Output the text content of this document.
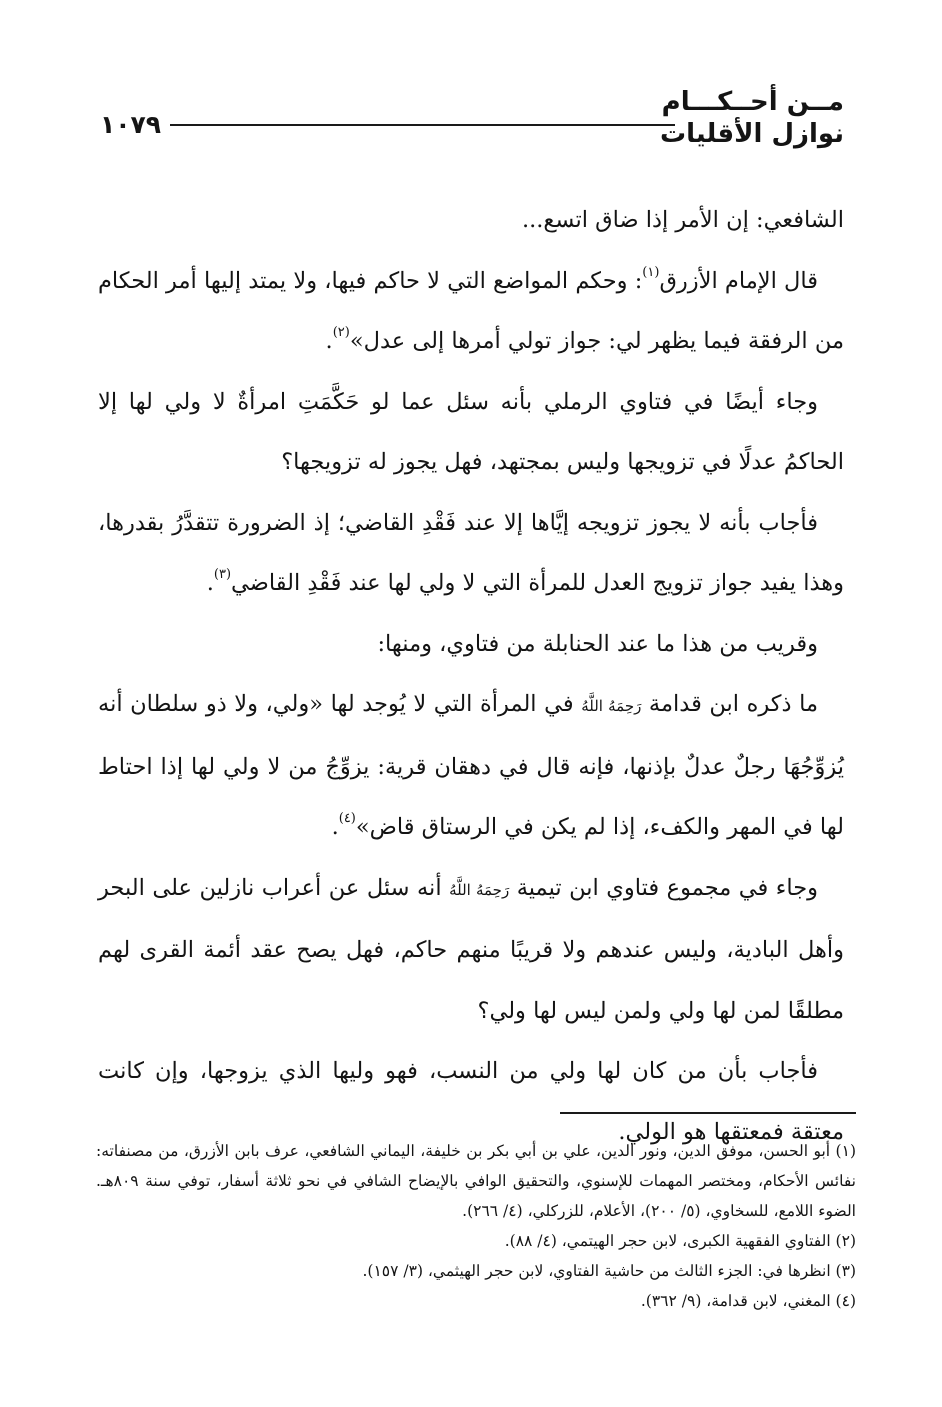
مــن أحــكـــام
نوازل الأقليات
١٠٧٩

الشافعي: إن الأمر إذا ضاق اتسع...

قال الإمام الأزرق$^{(١)}$: وحكم المواضع التي لا حاكم فيها، ولا يمتد إليها أمر الحكام من الرفقة فيما يظهر لي: جواز تولي أمرها إلى عدل»$^{(٢)}$.

وجاء أيضًا في فتاوي الرملي بأنه سئل عما لو حَكَّمَتِ امرأةٌ لا ولي لها إلا الحاكمُ عدلًا في تزويجها وليس بمجتهد، فهل يجوز له تزويجها؟

فأجاب بأنه لا يجوز تزويجه إيَّاها إلا عند فَقْدِ القاضي؛ إذ الضرورة تتقدَّرُ بقدرها، وهذا يفيد جواز تزويج العدل للمرأة التي لا ولي لها عند فَقْدِ القاضي$^{(٣)}$.

وقريب من هذا ما عند الحنابلة من فتاوي، ومنها:

ما ذكره ابن قدامة رَحِمَهُ اللَّهُ في المرأة التي لا يُوجد لها «ولي، ولا ذو سلطان أنه يُزوِّجُهَا رجلٌ عدلٌ بإذنها، فإنه قال في دهقان قرية: يزوِّجُ من لا ولي لها إذا احتاط لها في المهر والكفء، إذا لم يكن في الرستاق قاض»$^{(٤)}$.

وجاء في مجموع فتاوي ابن تيمية رَحِمَهُ اللَّهُ أنه سئل عن أعراب نازلين على البحر وأهل البادية، وليس عندهم ولا قريبًا منهم حاكم، فهل يصح عقد أئمة القرى لهم مطلقًا لمن لها ولي ولمن ليس لها ولي؟

فأجاب بأن من كان لها ولي من النسب، فهو وليها الذي يزوجها، وإن كانت معتقة فمعتقها هو الولي.

(١) أبو الحسن، موفق الدين، ونور الدين، علي بن أبي بكر بن خليفة، اليماني الشافعي، عرف بابن الأزرق، من مصنفاته: نفائس الأحكام، ومختصر المهمات للإسنوي، والتحقيق الوافي بالإيضاح الشافي في نحو ثلاثة أسفار، توفي سنة ٨٠٩هـ. الضوء اللامع، للسخاوي، (٥/ ٢٠٠)، الأعلام، للزركلي، (٤/ ٢٦٦).

(٢) الفتاوي الفقهية الكبرى، لابن حجر الهيتمي، (٤/ ٨٨).

(٣) انظرها في: الجزء الثالث من حاشية الفتاوي، لابن حجر الهيثمي، (٣/ ١٥٧).

(٤) المغني، لابن قدامة، (٩/ ٣٦٢).
